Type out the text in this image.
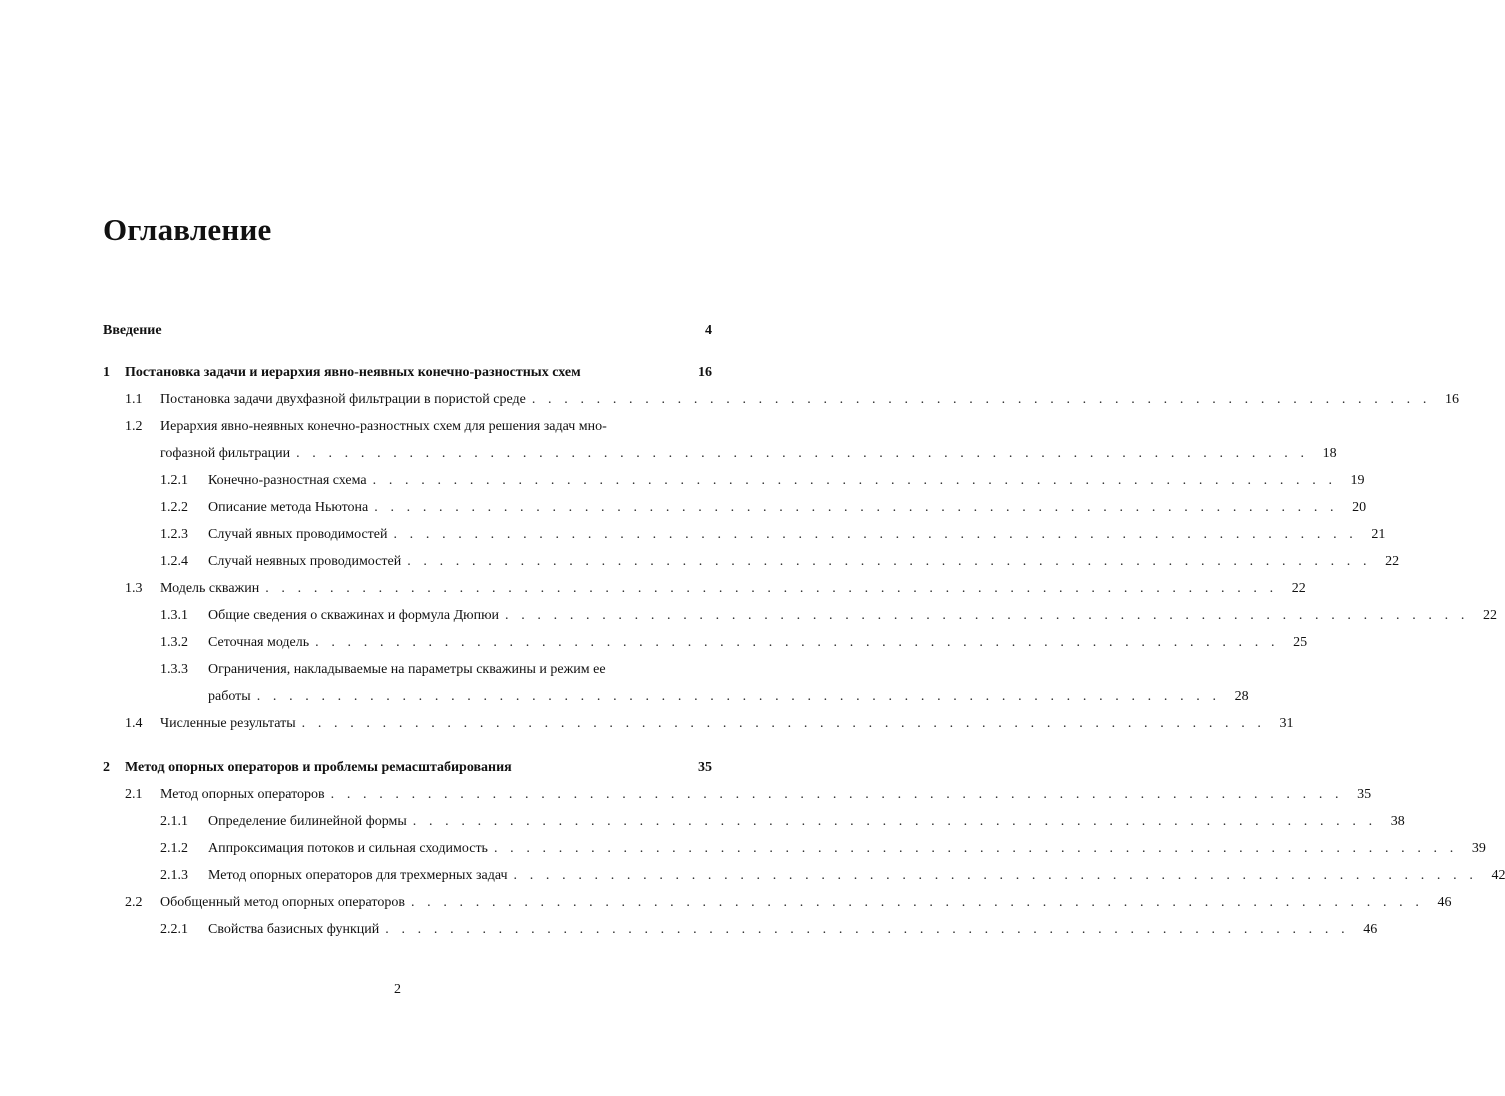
Оглавление
Введение	4
1 Постановка задачи и иерархия явно-неявных конечно-разностных схем	16
1.1 Постановка задачи двухфазной фильтрации в пористой среде . . . . . . . . . . . . . . . . . . . . . . . . . . . . . . . . . . . . . . . . . . . . . . . . . . . . . . . .	16
1.2 Иерархия явно-неявных конечно-разностных схем для решения задач мно-
гофазной фильтрации . . . . . . . . . . . . . . . . . . . . . . . . . . . . . . . . . . . . . . . . . . . . . . . . . . . . . . . . . . . . . . .	18
1.2.1 Конечно-разностная схема . . . . . . . . . . . . . . . . . . . . . . . . . . . . . . . . . . . . . . . . . . . . . . . . . . . . . . . . . . . .	19
1.2.2 Описание метода Ньютона . . . . . . . . . . . . . . . . . . . . . . . . . . . . . . . . . . . . . . . . . . . . . . . . . . . . . . . . . . . .	20
1.2.3 Случай явных проводимостей . . . . . . . . . . . . . . . . . . . . . . . . . . . . . . . . . . . . . . . . . . . . . . . . . . . . . . . . . . . .	21
1.2.4 Случай неявных проводимостей . . . . . . . . . . . . . . . . . . . . . . . . . . . . . . . . . . . . . . . . . . . . . . . . . . . . . . . . . . . .	22
1.3 Модель скважин . . . . . . . . . . . . . . . . . . . . . . . . . . . . . . . . . . . . . . . . . . . . . . . . . . . . . . . . . . . . . . .	22
1.3.1 Общие сведения о скважинах и формула Дюпюи . . . . . . . . . . . . . . . . . . . . . . . . . . . . . . . . . . . . . . . . . . . . . . . . . . . . . . . . . . . .	22
1.3.2 Сеточная модель . . . . . . . . . . . . . . . . . . . . . . . . . . . . . . . . . . . . . . . . . . . . . . . . . . . . . . . . . . . .	25
1.3.3 Ограничения, накладываемые на параметры скважины и режим ее
работы . . . . . . . . . . . . . . . . . . . . . . . . . . . . . . . . . . . . . . . . . . . . . . . . . . . . . . . . . . . .	28
1.4 Численные результаты . . . . . . . . . . . . . . . . . . . . . . . . . . . . . . . . . . . . . . . . . . . . . . . . . . . . . . . . . . . .	31
2 Метод опорных операторов и проблемы ремасштабирования	35
2.1 Метод опорных операторов . . . . . . . . . . . . . . . . . . . . . . . . . . . . . . . . . . . . . . . . . . . . . . . . . . . . . . . . . . . . . . .	35
2.1.1 Определение билинейной формы . . . . . . . . . . . . . . . . . . . . . . . . . . . . . . . . . . . . . . . . . . . . . . . . . . . . . . . . . . . .	38
2.1.2 Аппроксимация потоков и сильная сходимость . . . . . . . . . . . . . . . . . . . . . . . . . . . . . . . . . . . . . . . . . . . . . . . . . . . . . . . . . . . .	39
2.1.3 Метод опорных операторов для трехмерных задач . . . . . . . . . . . . . . . . . . . . . . . . . . . . . . . . . . . . . . . . . . . . . . . . . . . . . . . . . . . .	42
2.2 Обобщенный метод опорных операторов . . . . . . . . . . . . . . . . . . . . . . . . . . . . . . . . . . . . . . . . . . . . . . . . . . . . . . . . . . . . . . .	46
2.2.1 Свойства базисных функций . . . . . . . . . . . . . . . . . . . . . . . . . . . . . . . . . . . . . . . . . . . . . . . . . . . . . . . . . . . .	46
2
